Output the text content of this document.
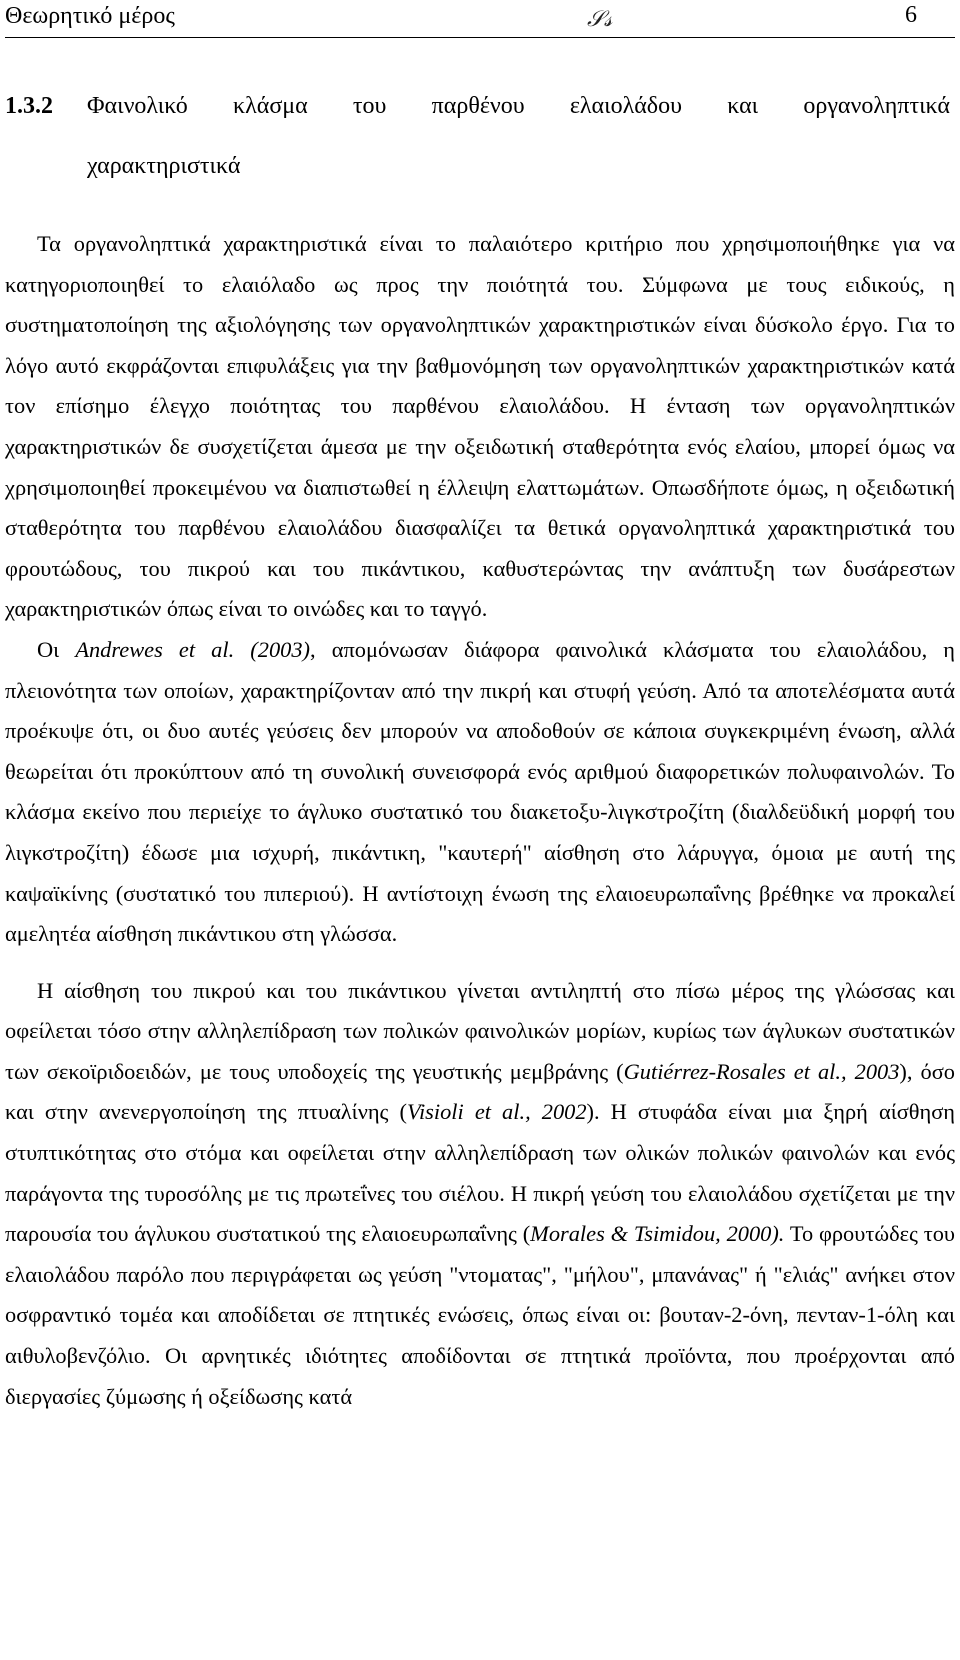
Θεωρητικό μέρος	𝒮𝓈	6
1.3.2 Φαινολικό κλάσμα του παρθένου ελαιολάδου και οργανοληπτικά
χαρακτηριστικά

Τα οργανοληπτικά χαρακτηριστικά είναι το παλαιότερο κριτήριο που χρησιμοποιήθηκε για να κατηγοριοποιηθεί το ελαιόλαδο ως προς την ποιότητά του. Σύμφωνα με τους ειδικούς, η συστηματοποίηση της αξιολόγησης των οργανοληπτικών χαρακτηριστικών είναι δύσκολο έργο. Για το λόγο αυτό εκφράζονται επιφυλάξεις για την βαθμονόμηση των οργανοληπτικών χαρακτηριστικών κατά τον επίσημο έλεγχο ποιότητας του παρθένου ελαιολάδου. Η ένταση των οργανοληπτικών χαρακτηριστικών δε συσχετίζεται άμεσα με την οξειδωτική σταθερότητα ενός ελαίου, μπορεί όμως να χρησιμοποιηθεί προκειμένου να διαπιστωθεί η έλλειψη ελαττωμάτων. Οπωσδήποτε όμως, η οξειδωτική σταθερότητα του παρθένου ελαιολάδου διασφαλίζει τα θετικά οργανοληπτικά χαρακτηριστικά του φρουτώδους, του πικρού και του πικάντικου, καθυστερώντας την ανάπτυξη των δυσάρεστων χαρακτηριστικών όπως είναι το οινώδες και το ταγγό.

Οι Andrewes et al. (2003), απομόνωσαν διάφορα φαινολικά κλάσματα του ελαιολάδου, η πλειονότητα των οποίων, χαρακτηρίζονταν από την πικρή και στυφή γεύση. Από τα αποτελέσματα αυτά προέκυψε ότι, οι δυο αυτές γεύσεις δεν μπορούν να αποδοθούν σε κάποια συγκεκριμένη ένωση, αλλά θεωρείται ότι προκύπτουν από τη συνολική συνεισφορά ενός αριθμού διαφορετικών πολυφαινολών. Το κλάσμα εκείνο που περιείχε το άγλυκο συστατικό του διακετοξυ-λιγκστροζίτη (διαλδεϋδική μορφή του λιγκστροζίτη) έδωσε μια ισχυρή, πικάντικη, "καυτερή" αίσθηση στο λάρυγγα, όμοια με αυτή της καψαϊκίνης (συστατικό του πιπεριού). Η αντίστοιχη ένωση της ελαιοευρωπαΐνης βρέθηκε να προκαλεί αμελητέα αίσθηση πικάντικου στη γλώσσα.

Η αίσθηση του πικρού και του πικάντικου γίνεται αντιληπτή στο πίσω μέρος της γλώσσας και οφείλεται τόσο στην αλληλεπίδραση των πολικών φαινολικών μορίων, κυρίως των άγλυκων συστατικών των σεκοϊριδοειδών, με τους υποδοχείς της γευστικής μεμβράνης (Gutiérrez-Rosales et al., 2003), όσο και στην ανενεργοποίηση της πτυαλίνης (Visioli et al., 2002). Η στυφάδα είναι μια ξηρή αίσθηση στυπτικότητας στο στόμα και οφείλεται στην αλληλεπίδραση των ολικών πολικών φαινολών και ενός παράγοντα της τυροσόλης με τις πρωτεΐνες του σιέλου. Η πικρή γεύση του ελαιολάδου σχετίζεται με την παρουσία του άγλυκου συστατικού της ελαιοευρωπαΐνης (Morales & Tsimidou, 2000). Το φρουτώδες του ελαιολάδου παρόλο που περιγράφεται ως γεύση "ντοματας", "μήλου", μπανάνας" ή "ελιάς" ανήκει στον οσφραντικό τομέα και αποδίδεται σε πτητικές ενώσεις, όπως είναι οι: βουταν-2-όνη, πενταν-1-όλη και αιθυλοβενζόλιο. Οι αρνητικές ιδιότητες αποδίδονται σε πτητικά προϊόντα, που προέρχονται από διεργασίες ζύμωσης ή οξείδωσης κατά
